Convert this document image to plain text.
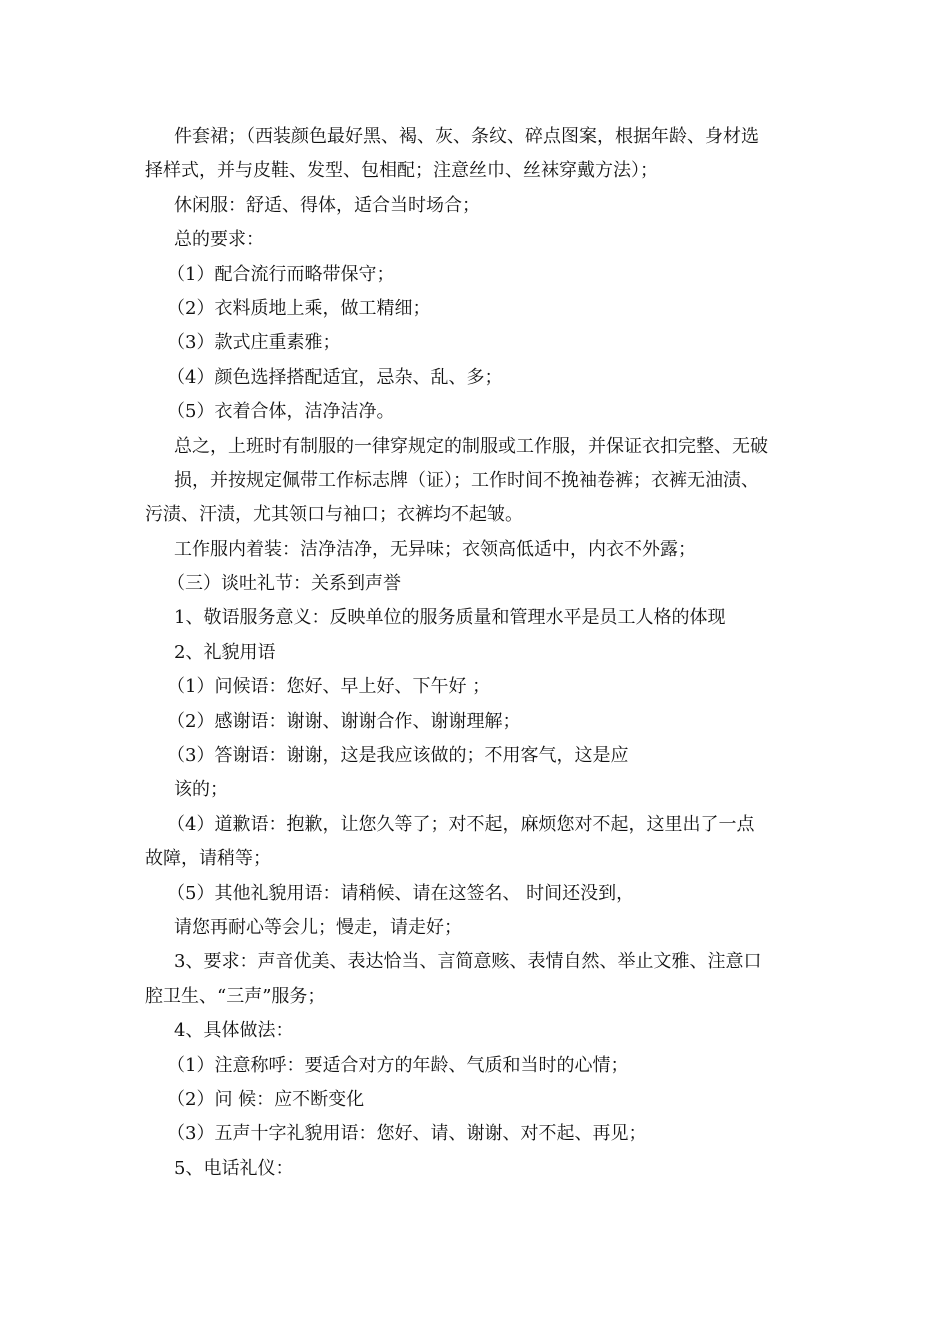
件套裙；（西装颜色最好黑、褐、灰、条纹、碎点图案，根据年龄、身材选
择样式，并与皮鞋、发型、包相配；注意丝巾、丝袜穿戴方法）；
休闲服：舒适、得体，适合当时场合；
总的要求：
（1）配合流行而略带保守；
（2）衣料质地上乘，做工精细；
（3）款式庄重素雅；
（4）颜色选择搭配适宜，忌杂、乱、多；
（5）衣着合体，洁净洁净。
总之，上班时有制服的一律穿规定的制服或工作服，并保证衣扣完整、无破
损，并按规定佩带工作标志牌（证）；工作时间不挽袖卷裤；衣裤无油渍、
污渍、汗渍，尤其领口与袖口；衣裤均不起皱。
工作服内着装：洁净洁净，无异味；衣领高低适中，内衣不外露；
（三）谈吐礼节：关系到声誉
1、敬语服务意义：反映单位的服务质量和管理水平是员工人格的体现
2、礼貌用语
（1）问候语：您好、早上好、下午好 ；
（2）感谢语：谢谢、谢谢合作、谢谢理解；
（3）答谢语：谢谢，这是我应该做的；不用客气，这是应
该的；
（4）道歉语：抱歉，让您久等了；对不起，麻烦您对不起，这里出了一点
故障，请稍等；
（5）其他礼貌用语：请稍候、请在这签名、 时间还没到，
请您再耐心等会儿；慢走，请走好；
3、要求：声音优美、表达恰当、言简意赅、表情自然、举止文雅、注意口
腔卫生、“三声”服务；
4、具体做法：
（1）注意称呼：要适合对方的年龄、气质和当时的心情；
（2）问 候：应不断变化
（3）五声十字礼貌用语：您好、请、谢谢、对不起、再见；
5、电话礼仪：
